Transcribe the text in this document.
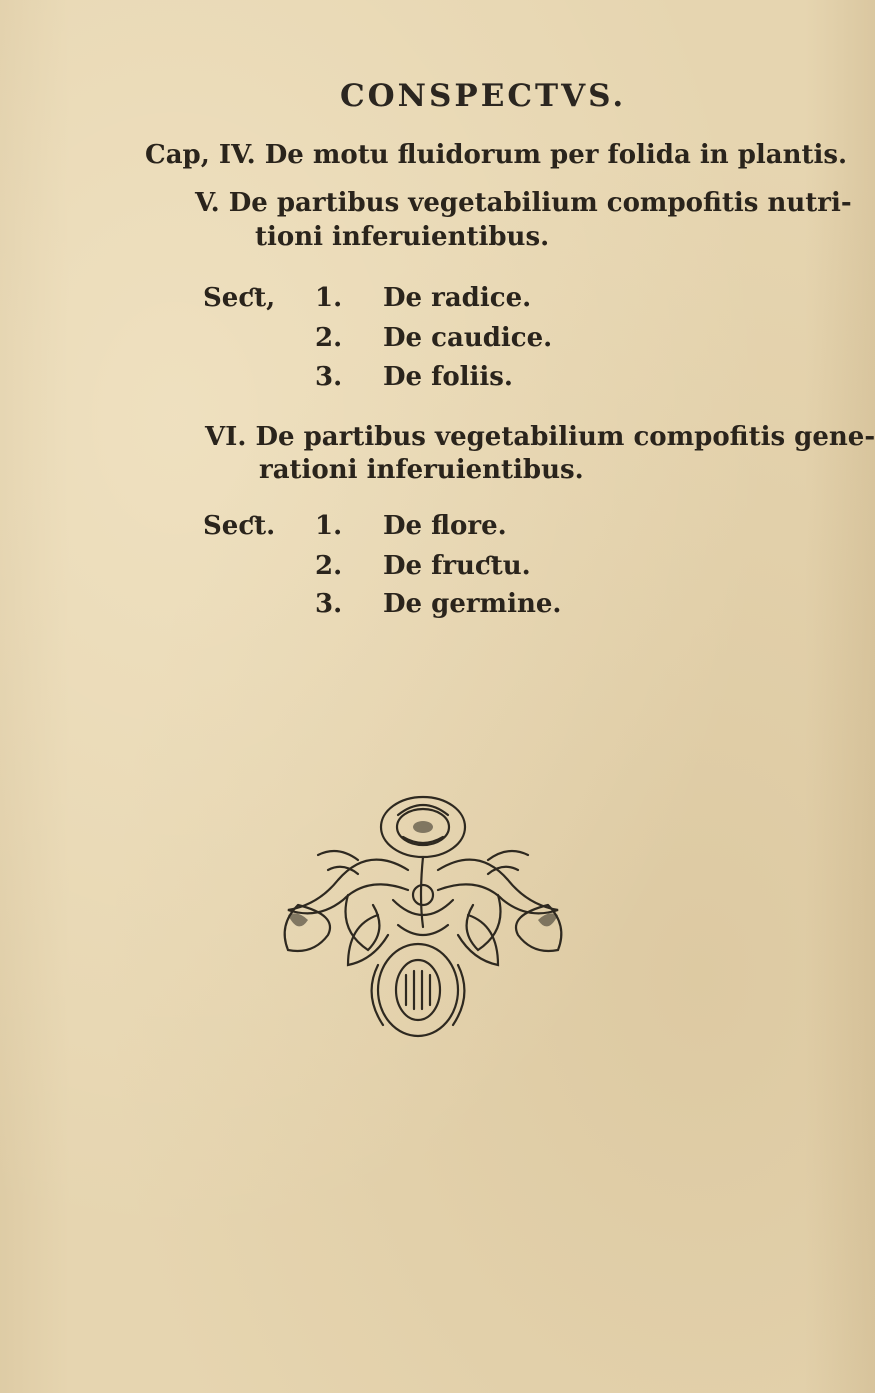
CONSPECTVS.
Cap, IV. De motu fluidorum per folida in plantis.
V. De partibus vegetabilium compofitis nutri-
tioni inferuientibus.
Seƈt,1. De radice.
2. De caudice.
3. De foliis.
VI. De partibus vegetabilium compofitis gene-
rationi inferuientibus.
Seƈt.1. De flore.
2. De fruƈtu.
3. De germine.
